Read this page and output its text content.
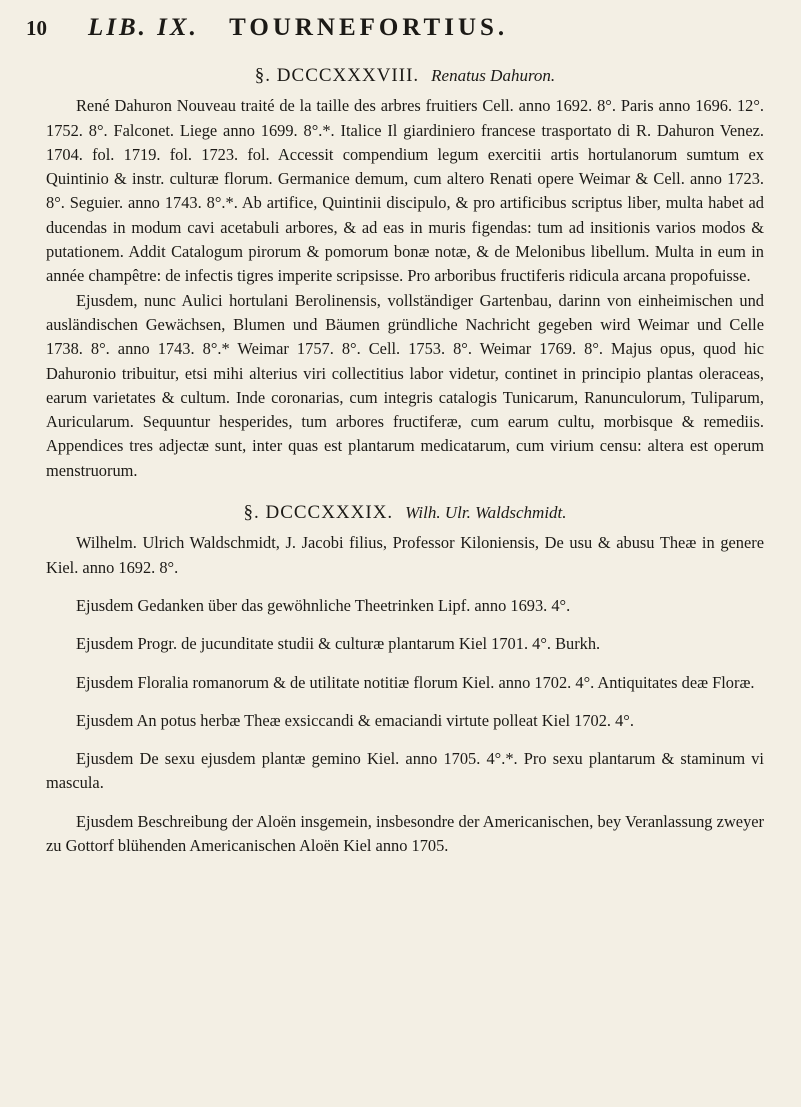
10 LIB. IX. TOURNEFORTIUS.
§. DCCCXXXVIII. Renatus Dahuron.

René Dahuron Nouveau traité de la taille des arbres fruitiers Cell. anno 1692. 8°. Paris anno 1696. 12°. 1752. 8°. Falconet. Liege anno 1699. 8°.*. Italice Il giardiniero francese trasportato di R. Dahuron Venez. 1704. fol. 1719. fol. 1723. fol. Accessit compendium legum exercitii artis hortulanorum sumtum ex Quintinio & instr. culturæ florum. Germanice demum, cum altero Renati opere Weimar & Cell. anno 1723. 8°. Seguier. anno 1743. 8°.*. Ab artifice, Quintinii discipulo, & pro artificibus scriptus liber, multa habet ad ducendas in modum cavi acetabuli arbores, & ad eas in muris figendas: tum ad insitionis varios modos & putationem. Addit Catalogum pirorum & pomorum bonæ notæ, & de Melonibus libellum. Multa in eum in année champêtre: de infectis tigres imperite scripsisse. Pro arboribus fructiferis ridicula arcana propofuisse.

Ejusdem, nunc Aulici hortulani Berolinensis, vollständiger Gartenbau, darinn von einheimischen und ausländischen Gewächsen, Blumen und Bäumen gründliche Nachricht gegeben wird Weimar und Celle 1738. 8°. anno 1743. 8°.* Weimar 1757. 8°. Cell. 1753. 8°. Weimar 1769. 8°. Majus opus, quod hic Dahuronio tribuitur, etsi mihi alterius viri collectitius labor videtur, continet in principio plantas oleraceas, earum varietates & cultum. Inde coronarias, cum integris catalogis Tunicarum, Ranunculorum, Tuliparum, Auricularum. Sequuntur hesperides, tum arbores fructiferæ, cum earum cultu, morbisque & remediis. Appendices tres adjectæ sunt, inter quas est plantarum medicatarum, cum virium censu: altera est operum menstruorum.

§. DCCCXXXIX. Wilh. Ulr. Waldschmidt.

Wilhelm. Ulrich Waldschmidt, J. Jacobi filius, Professor Kiloniensis, De usu & abusu Theæ in genere Kiel. anno 1692. 8°.

Ejusdem Gedanken über das gewöhnliche Theetrinken Lipf. anno 1693. 4°.

Ejusdem Progr. de jucunditate studii & culturæ plantarum Kiel 1701. 4°. Burkh.

Ejusdem Floralia romanorum & de utilitate notitiæ florum Kiel. anno 1702. 4°. Antiquitates deæ Floræ.

Ejusdem An potus herbæ Theæ exsiccandi & emaciandi virtute polleat Kiel 1702. 4°.

Ejusdem De sexu ejusdem plantæ gemino Kiel. anno 1705. 4°.*. Pro sexu plantarum & staminum vi mascula.

Ejusdem Beschreibung der Aloën insgemein, insbesondre der Americanischen, bey Veranlassung zweyer zu Gottorf blühenden Americanischen Aloën Kiel anno 1705.
